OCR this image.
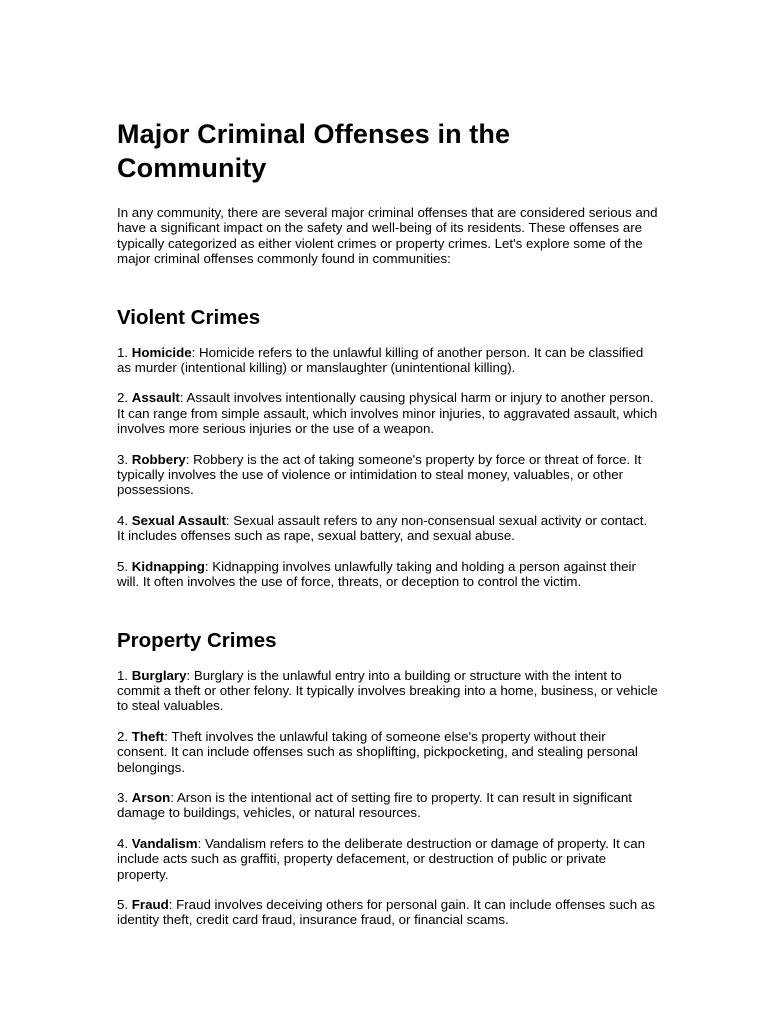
Major Criminal Offenses in the Community

In any community, there are several major criminal offenses that are considered serious and have a significant impact on the safety and well-being of its residents. These offenses are typically categorized as either violent crimes or property crimes. Let's explore some of the major criminal offenses commonly found in communities:

Violent Crimes
1. Homicide: Homicide refers to the unlawful killing of another person. It can be classified as murder (intentional killing) or manslaughter (unintentional killing).
2. Assault: Assault involves intentionally causing physical harm or injury to another person. It can range from simple assault, which involves minor injuries, to aggravated assault, which involves more serious injuries or the use of a weapon.
3. Robbery: Robbery is the act of taking someone's property by force or threat of force. It typically involves the use of violence or intimidation to steal money, valuables, or other possessions.
4. Sexual Assault: Sexual assault refers to any non-consensual sexual activity or contact. It includes offenses such as rape, sexual battery, and sexual abuse.
5. Kidnapping: Kidnapping involves unlawfully taking and holding a person against their will. It often involves the use of force, threats, or deception to control the victim.
Property Crimes
1. Burglary: Burglary is the unlawful entry into a building or structure with the intent to commit a theft or other felony. It typically involves breaking into a home, business, or vehicle to steal valuables.
2. Theft: Theft involves the unlawful taking of someone else's property without their consent. It can include offenses such as shoplifting, pickpocketing, and stealing personal belongings.
3. Arson: Arson is the intentional act of setting fire to property. It can result in significant damage to buildings, vehicles, or natural resources.
4. Vandalism: Vandalism refers to the deliberate destruction or damage of property. It can include acts such as graffiti, property defacement, or destruction of public or private property.
5. Fraud: Fraud involves deceiving others for personal gain. It can include offenses such as identity theft, credit card fraud, insurance fraud, or financial scams.
